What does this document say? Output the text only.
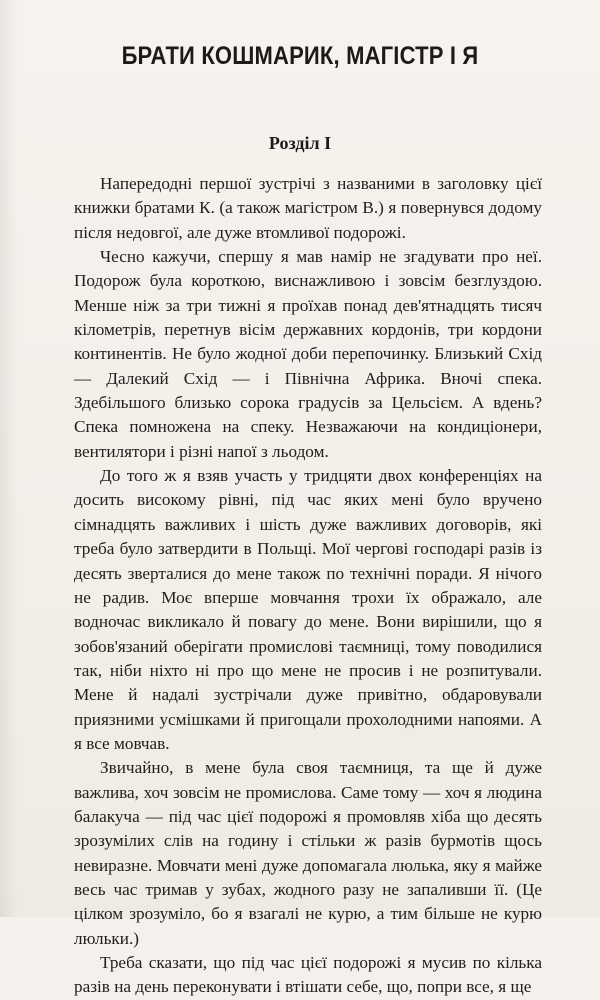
БРАТИ КОШМАРИК, МАГІСТР І Я
Розділ І

Напередодні першої зустрічі з названими в заголовку цієї книжки братами К. (а також магістром В.) я повернувся додому після недовгої, але дуже втомливої подорожі.

Чесно кажучи, спершу я мав намір не згадувати про неї. Подорож була короткою, виснажливою і зовсім безглуздою. Менше ніж за три тижні я проїхав понад дев'ятнадцять тисяч кілометрів, перетнув вісім державних кордонів, три кордони континентів. Не було жодної доби перепочинку. Близький Схід — Далекий Схід — і Північна Африка. Вночі спека. Здебільшого близько сорока градусів за Цельсієм. А вдень? Спека помножена на спеку. Незважаючи на кондиціонери, вентилятори і різні напої з льодом.

До того ж я взяв участь у тридцяти двох конференціях на досить високому рівні, під час яких мені було вручено сімнадцять важливих і шість дуже важливих договорів, які треба було затвердити в Польщі. Мої чергові господарі разів із десять зверталися до мене також по технічні поради. Я нічого не радив. Моє вперше мовчання трохи їх ображало, але водночас викликало й повагу до мене. Вони вирішили, що я зобов'язаний оберігати промислові таємниці, тому поводилися так, ніби ніхто ні про що мене не просив і не розпитували. Мене й надалі зустрічали дуже привітно, обдаровували приязними усмішками й пригощали прохолодними напоями. А я все мовчав.

Звичайно, в мене була своя таємниця, та ще й дуже важлива, хоч зовсім не промислова. Саме тому — хоч я людина балакуча — під час цієї подорожі я промовляв хіба що десять зрозумілих слів на годину і стільки ж разів бурмотів щось невиразне. Мовчати мені дуже допомагала люлька, яку я майже весь час тримав у зубах, жодного разу не запаливши її. (Це цілком зрозуміло, бо я взагалі не курю, а тим більше не курю люльки.)

Треба сказати, що під час цієї подорожі я мусив по кілька разів на день переконувати і втішати себе, що, попри все, я ще
